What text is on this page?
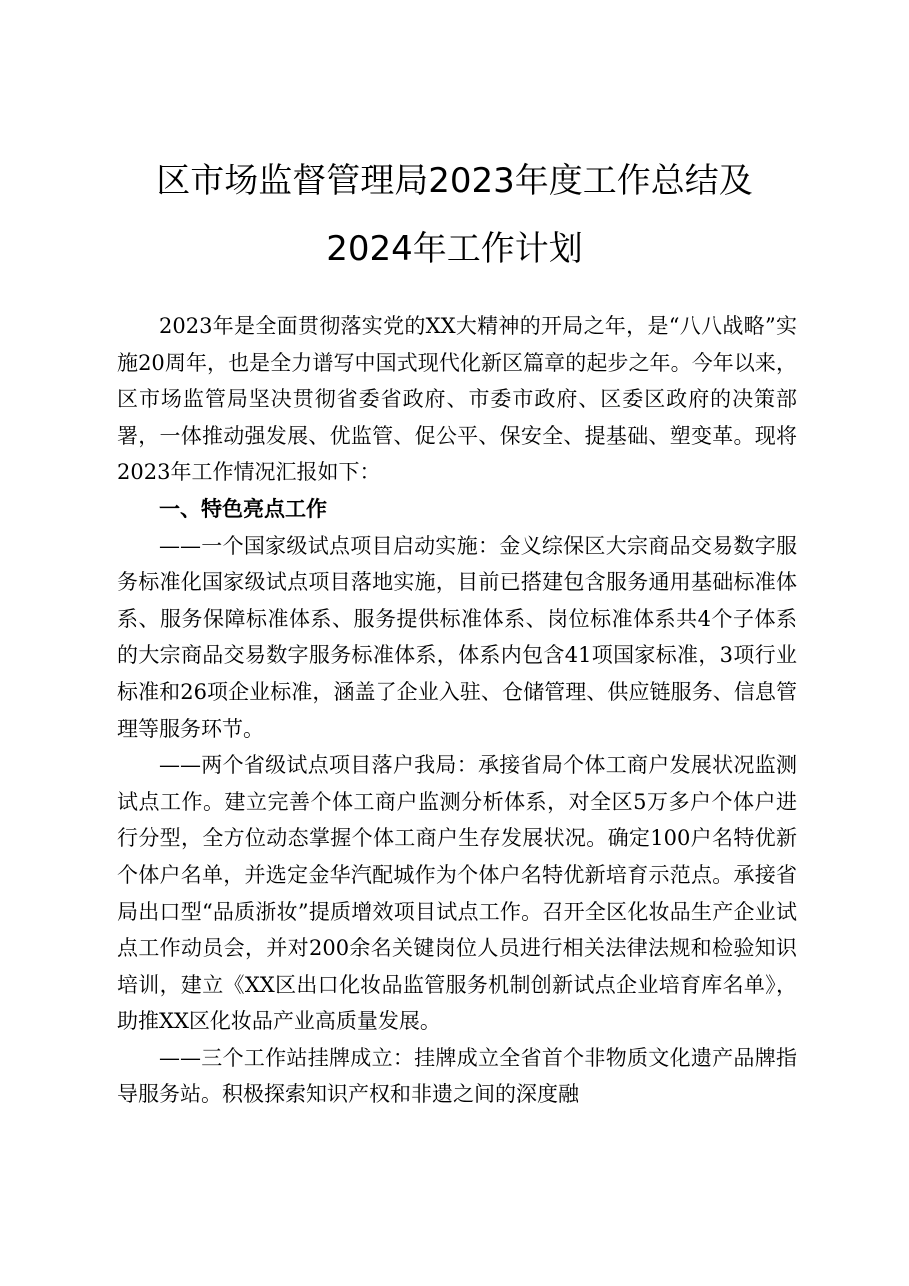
区市场监督管理局2023年度工作总结及
2024年工作计划

2023年是全面贯彻落实党的XX大精神的开局之年，是“八八战略”实施20周年，也是全力谱写中国式现代化新区篇章的起步之年。今年以来，区市场监管局坚决贯彻省委省政府、市委市政府、区委区政府的决策部署，一体推动强发展、优监管、促公平、保安全、提基础、塑变革。现将2023年工作情况汇报如下：

一、特色亮点工作

——一个国家级试点项目启动实施：金义综保区大宗商品交易数字服务标准化国家级试点项目落地实施，目前已搭建包含服务通用基础标准体系、服务保障标准体系、服务提供标准体系、岗位标准体系共4个子体系的大宗商品交易数字服务标准体系，体系内包含41项国家标准，3项行业标准和26项企业标准，涵盖了企业入驻、仓储管理、供应链服务、信息管理等服务环节。

——两个省级试点项目落户我局：承接省局个体工商户发展状况监测试点工作。建立完善个体工商户监测分析体系，对全区5万多户个体户进行分型，全方位动态掌握个体工商户生存发展状况。确定100户名特优新个体户名单，并选定金华汽配城作为个体户名特优新培育示范点。承接省局出口型“品质浙妆”提质增效项目试点工作。召开全区化妆品生产企业试点工作动员会，并对200余名关键岗位人员进行相关法律法规和检验知识培训，建立《XX区出口化妆品监管服务机制创新试点企业培育库名单》，助推XX区化妆品产业高质量发展。

——三个工作站挂牌成立：挂牌成立全省首个非物质文化遗产品牌指导服务站。积极探索知识产权和非遗之间的深度融
